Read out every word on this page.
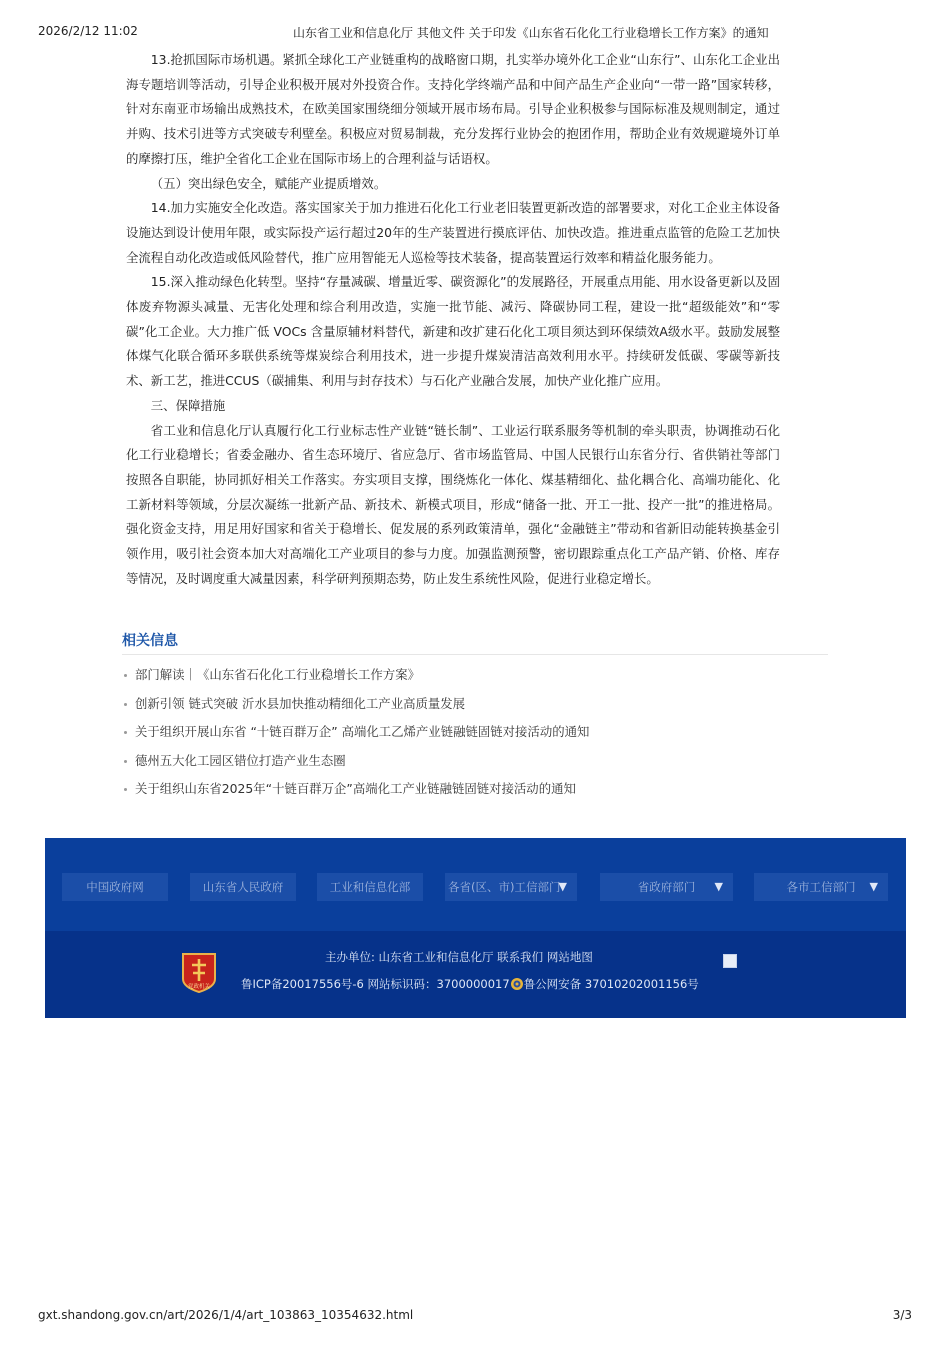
2026/2/12 11:02	山东省工业和信息化厅 其他文件 关于印发《山东省石化化工行业稳增长工作方案》的通知

13.抢抓国际市场机遇。紧抓全球化工产业链重构的战略窗口期，扎实举办境外化工企业“山东行”、山东化工企业出海专题培训等活动，引导企业积极开展对外投资合作。支持化学终端产品和中间产品生产企业向“一带一路”国家转移，针对东南亚市场输出成熟技术，在欧美国家围绕细分领域开展市场布局。引导企业积极参与国际标准及规则制定，通过并购、技术引进等方式突破专利壁垒。积极应对贸易制裁，充分发挥行业协会的抱团作用，帮助企业有效规避境外订单的摩擦打压，维护全省化工企业在国际市场上的合理利益与话语权。

（五）突出绿色安全，赋能产业提质增效。

14.加力实施安全化改造。落实国家关于加力推进石化化工行业老旧装置更新改造的部署要求，对化工企业主体设备设施达到设计使用年限，或实际投产运行超过20年的生产装置进行摸底评估、加快改造。推进重点监管的危险工艺加快全流程自动化改造或低风险替代，推广应用智能无人巡检等技术装备，提高装置运行效率和精益化服务能力。

15.深入推动绿色化转型。坚持“存量减碳、增量近零、碳资源化”的发展路径，开展重点用能、用水设备更新以及固体废弃物源头减量、无害化处理和综合利用改造，实施一批节能、减污、降碳协同工程，建设一批“超级能效”和“零碳”化工企业。大力推广低 VOCs 含量原辅材料替代，新建和改扩建石化化工项目须达到环保绩效A级水平。鼓励发展整体煤气化联合循环多联供系统等煤炭综合利用技术，进一步提升煤炭清洁高效利用水平。持续研发低碳、零碳等新技术、新工艺，推进CCUS（碳捕集、利用与封存技术）与石化产业融合发展，加快产业化推广应用。

三、保障措施

省工业和信息化厅认真履行化工行业标志性产业链“链长制”、工业运行联系服务等机制的牵头职责，协调推动石化化工行业稳增长；省委金融办、省生态环境厅、省应急厅、省市场监管局、中国人民银行山东省分行、省供销社等部门按照各自职能，协同抓好相关工作落实。夯实项目支撑，围绕炼化一体化、煤基精细化、盐化耦合化、高端功能化、化工新材料等领域，分层次凝练一批新产品、新技术、新模式项目，形成“储备一批、开工一批、投产一批”的推进格局。强化资金支持，用足用好国家和省关于稳增长、促发展的系列政策清单，强化“金融链主”带动和省新旧动能转换基金引领作用，吸引社会资本加大对高端化工产业项目的参与力度。加强监测预警，密切跟踪重点化工产品产销、价格、库存等情况，及时调度重大减量因素，科学研判预期态势，防止发生系统性风险，促进行业稳定增长。

相关信息
部门解读｜《山东省石化化工行业稳增长工作方案》
创新引领 链式突破 沂水县加快推动精细化工产业高质量发展
关于组织开展山东省 “十链百群万企” 高端化工乙烯产业链融链固链对接活动的通知
德州五大化工园区错位打造产业生态圈
关于组织山东省2025年“十链百群万企”高端化工产业链融链固链对接活动的通知
中国政府网	山东省人民政府	工业和信息化部	各省(区、市)工信部门
▼	省政府部门 ▼	各市工信部门 ▼
党政机关
主办单位: 山东省工业和信息化厅 联系我们 网站地图
鲁ICP备20017556号-6 网站标识码：3700000017 鲁公网安备 37010202001156号
gxt.shandong.gov.cn/art/2026/1/4/art_103863_10354632.html	3/3
